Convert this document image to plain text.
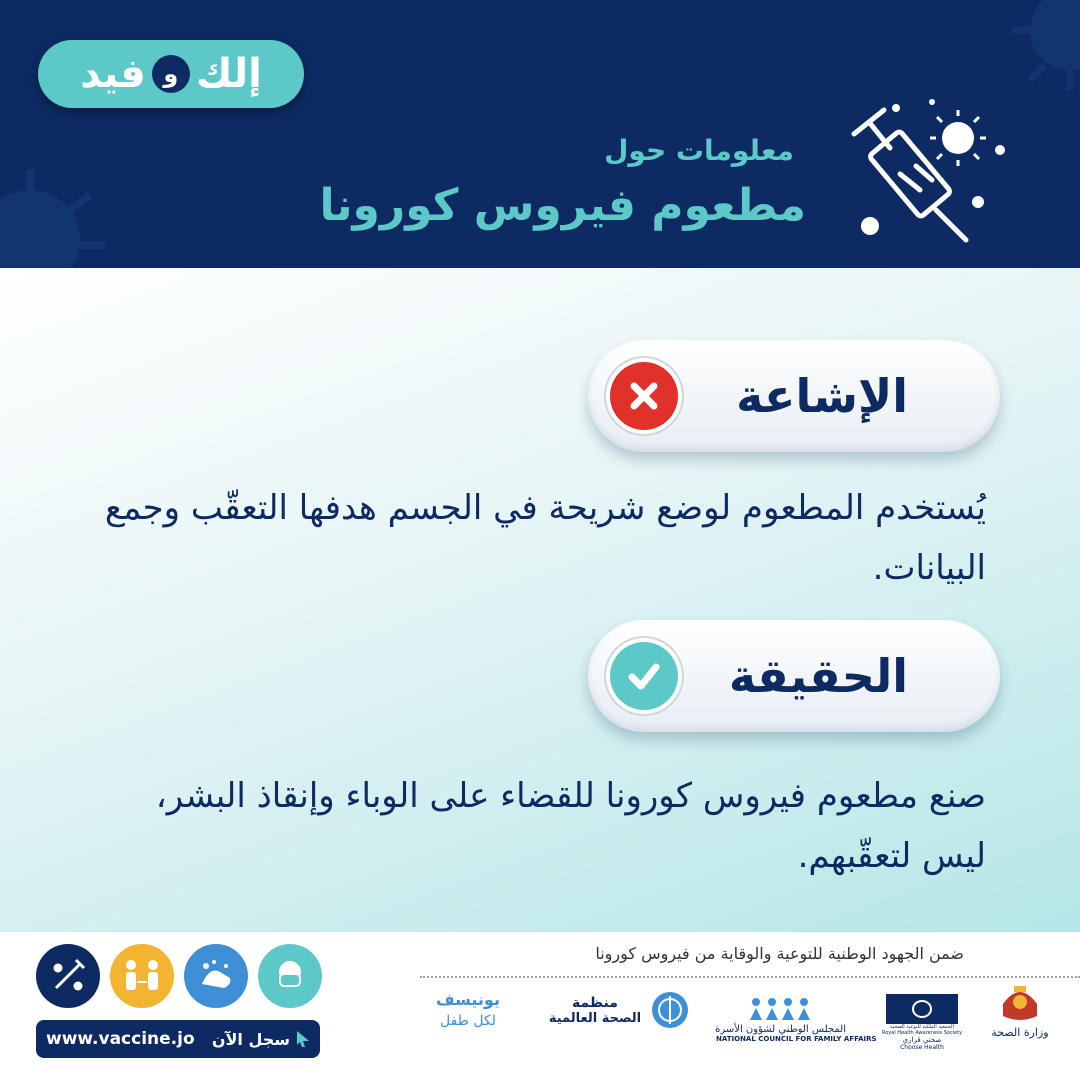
إلك
و
فيد
معلومات حول
مطعوم فيروس كورونا
الإشاعة
يُستخدم المطعوم لوضع شريحة في الجسم هدفها التعقّب وجمع البيانات.
الحقيقة
صنع مطعوم فيروس كورونا للقضاء على الوباء وإنقاذ البشر، ليس لتعقّبهم.
ضمن الجهود الوطنية للتوعية والوقاية من فيروس كورونا
www.vaccine.jo	سجل الآن
يونيسف
لكل طفل
منظمة
الصحة العالمية
المجلس الوطني لشؤون الأسرة
NATIONAL COUNCIL FOR FAMILY AFFAIRS
الجمعية الملكية للتوعية الصحية
Royal Health Awareness Society
صحتي قراري
Choose Health
وزارة الصحة
